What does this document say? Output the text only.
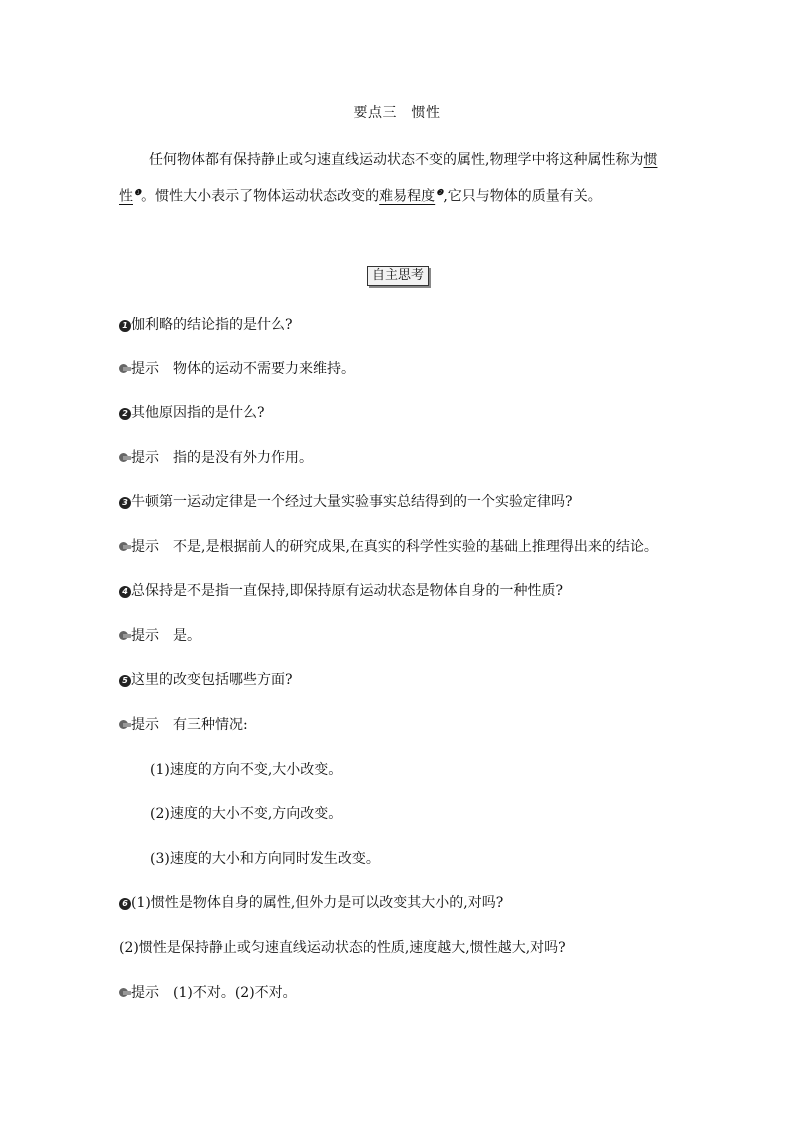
要点三　惯性
任何物体都有保持静止或匀速直线运动状态不变的属性,物理学中将这种属性称为惯
性$^❶$。惯性大小表示了物体运动状态改变的难易程度$^❷$,它只与物体的质量有关。
自主思考
1 伽利略的结论指的是什么?
提示 物体的运动不需要力来维持。
2 其他原因指的是什么?
提示 指的是没有外力作用。
3 牛顿第一运动定律是一个经过大量实验事实总结得到的一个实验定律吗?
提示 不是,是根据前人的研究成果,在真实的科学性实验的基础上推理得出来的结论。
4 总保持是不是指一直保持,即保持原有运动状态是物体自身的一种性质?
提示 是。
5 这里的改变包括哪些方面?
提示 有三种情况:
(1)速度的方向不变,大小改变。
(2)速度的大小不变,方向改变。
(3)速度的大小和方向同时发生改变。
6 (1)惯性是物体自身的属性,但外力是可以改变其大小的,对吗?
(2)惯性是保持静止或匀速直线运动状态的性质,速度越大,惯性越大,对吗?
提示 (1)不对。(2)不对。
